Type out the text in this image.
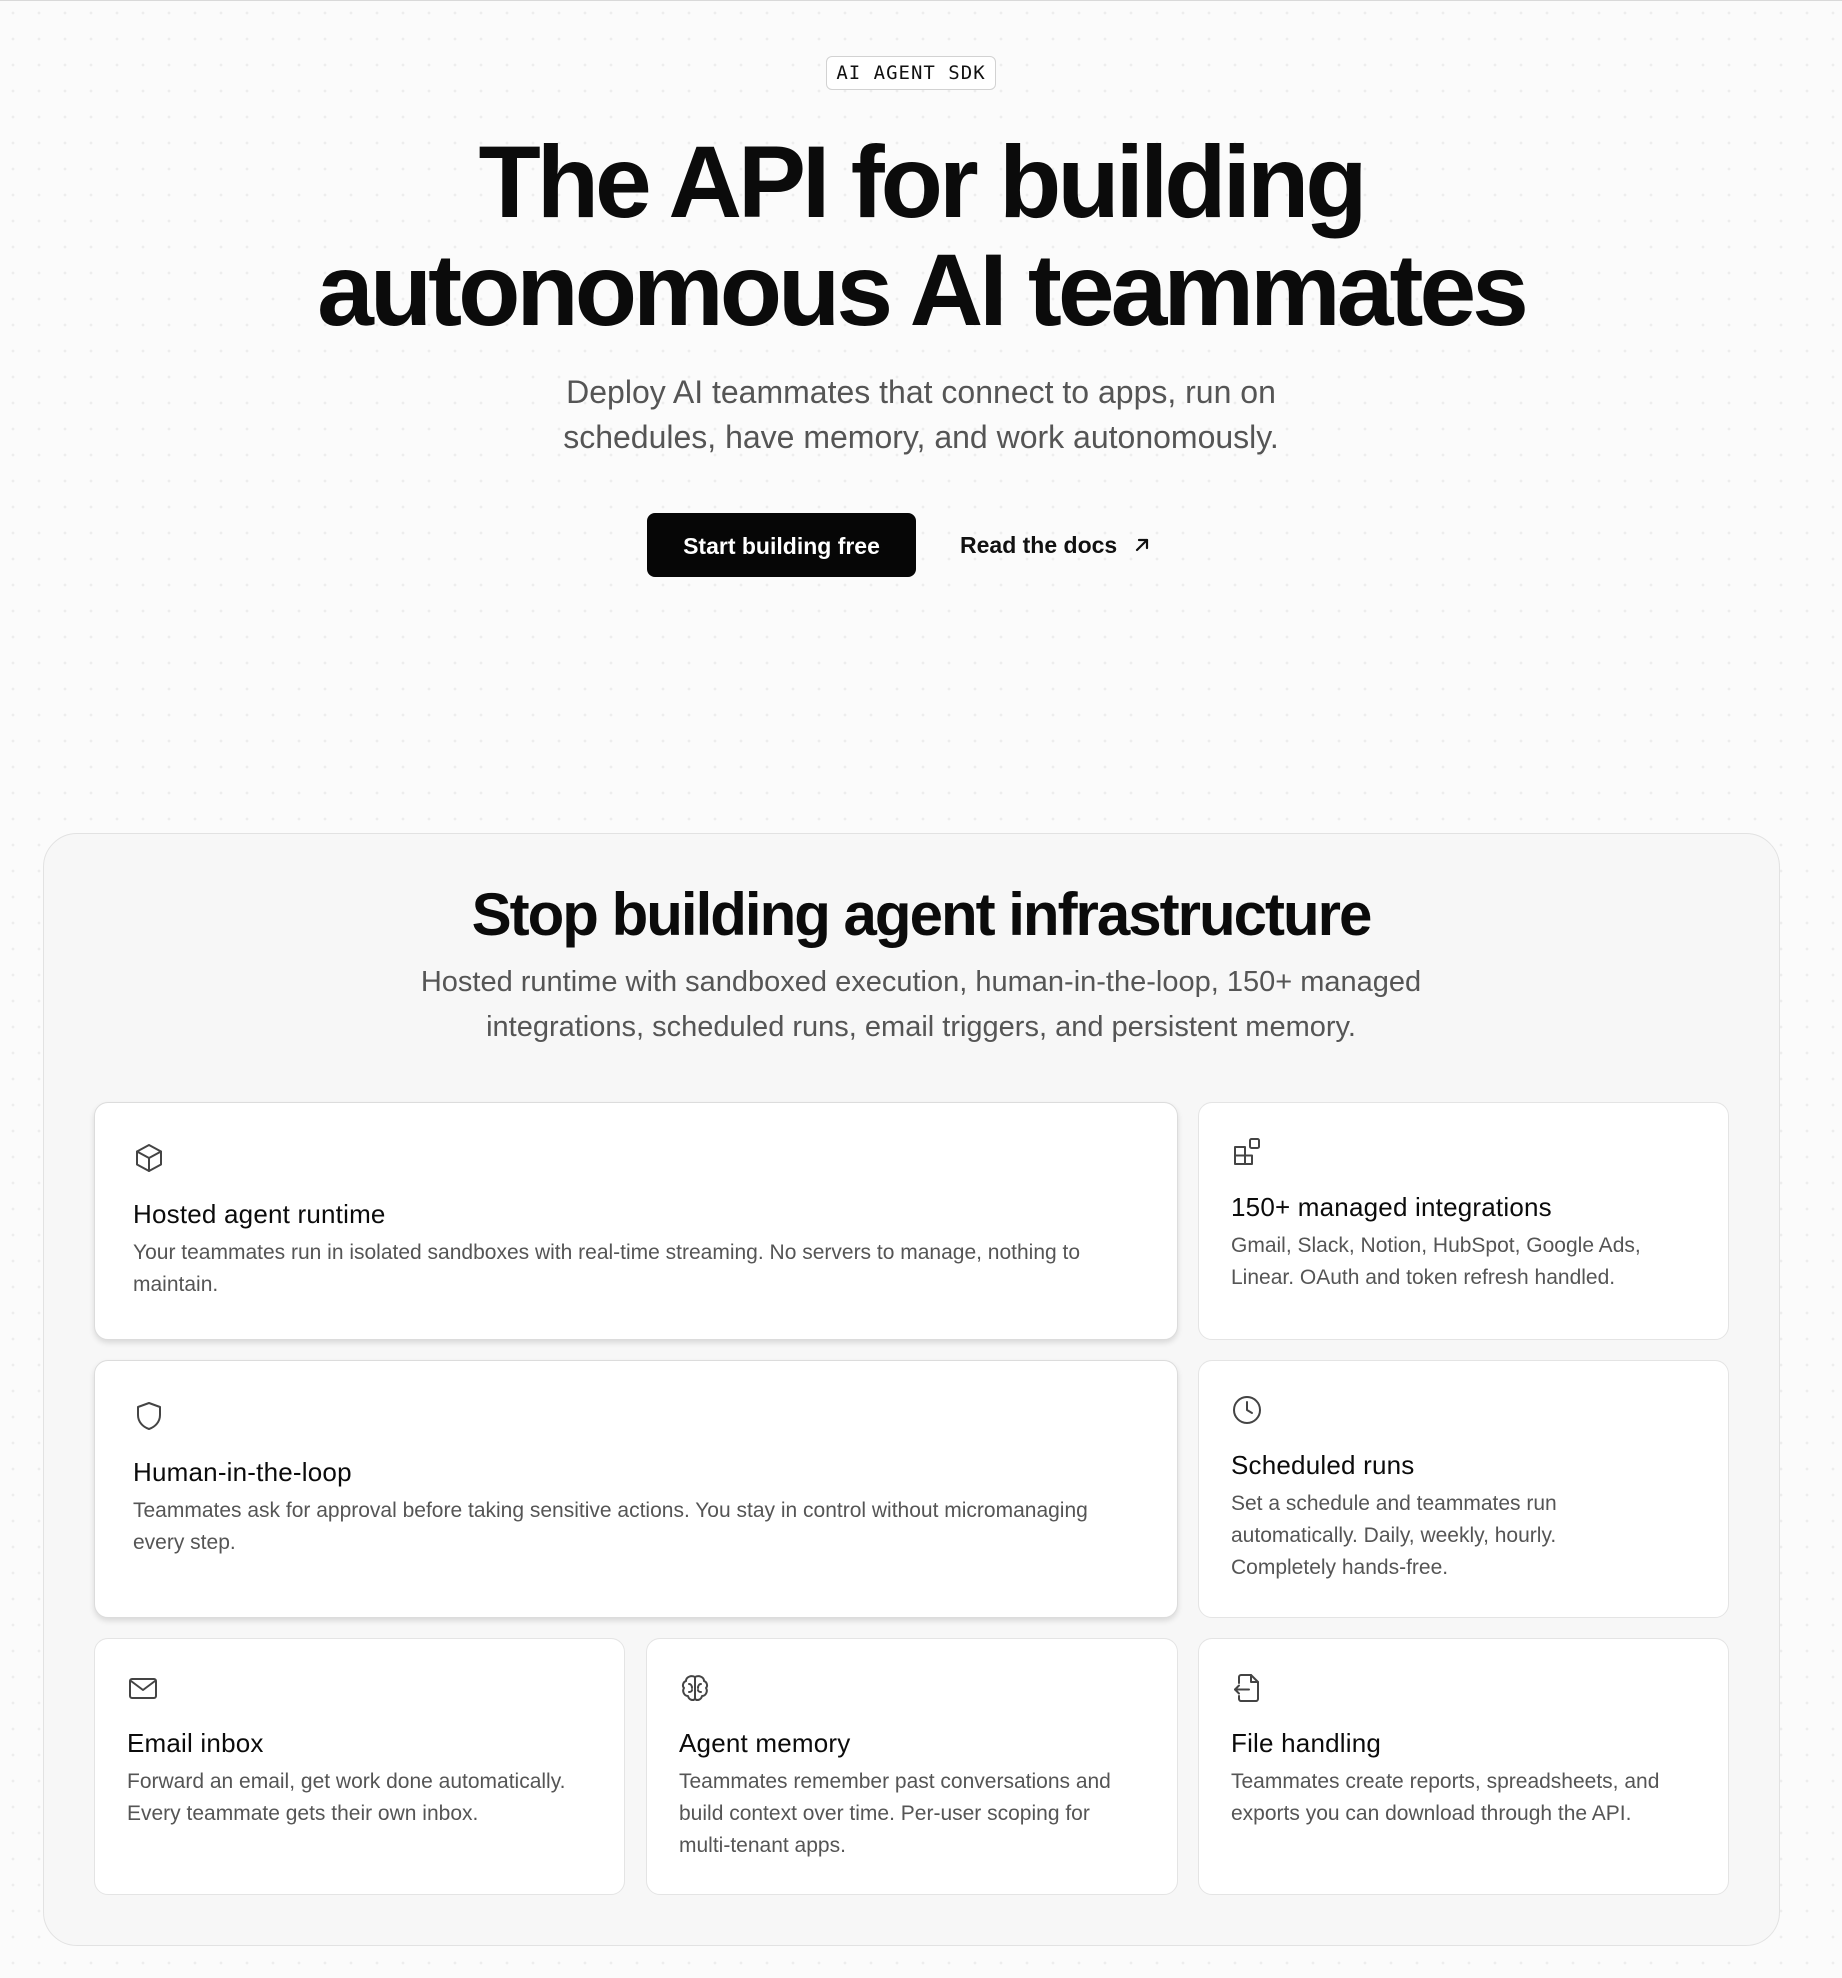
AI AGENT SDK
The API for building
autonomous AI teammates

Deploy AI teammates that connect to apps, run on
schedules, have memory, and work autonomously.

Start building free	Read the docs
Stop building agent infrastructure

Hosted runtime with sandboxed execution, human-in-the-loop, 150+ managed
integrations, scheduled runs, email triggers, and persistent memory.

Hosted agent runtime

Your teammates run in isolated sandboxes with real-time streaming. No servers to manage, nothing to maintain.

150+ managed integrations

Gmail, Slack, Notion, HubSpot, Google Ads, Linear. OAuth and token refresh handled.

Human-in-the-loop

Teammates ask for approval before taking sensitive actions. You stay in control without micromanaging every step.

Scheduled runs

Set a schedule and teammates run automatically. Daily, weekly, hourly. Completely hands-free.

Email inbox

Forward an email, get work done automatically. Every teammate gets their own inbox.

Agent memory

Teammates remember past conversations and build context over time. Per-user scoping for multi-tenant apps.

File handling

Teammates create reports, spreadsheets, and exports you can download through the API.
